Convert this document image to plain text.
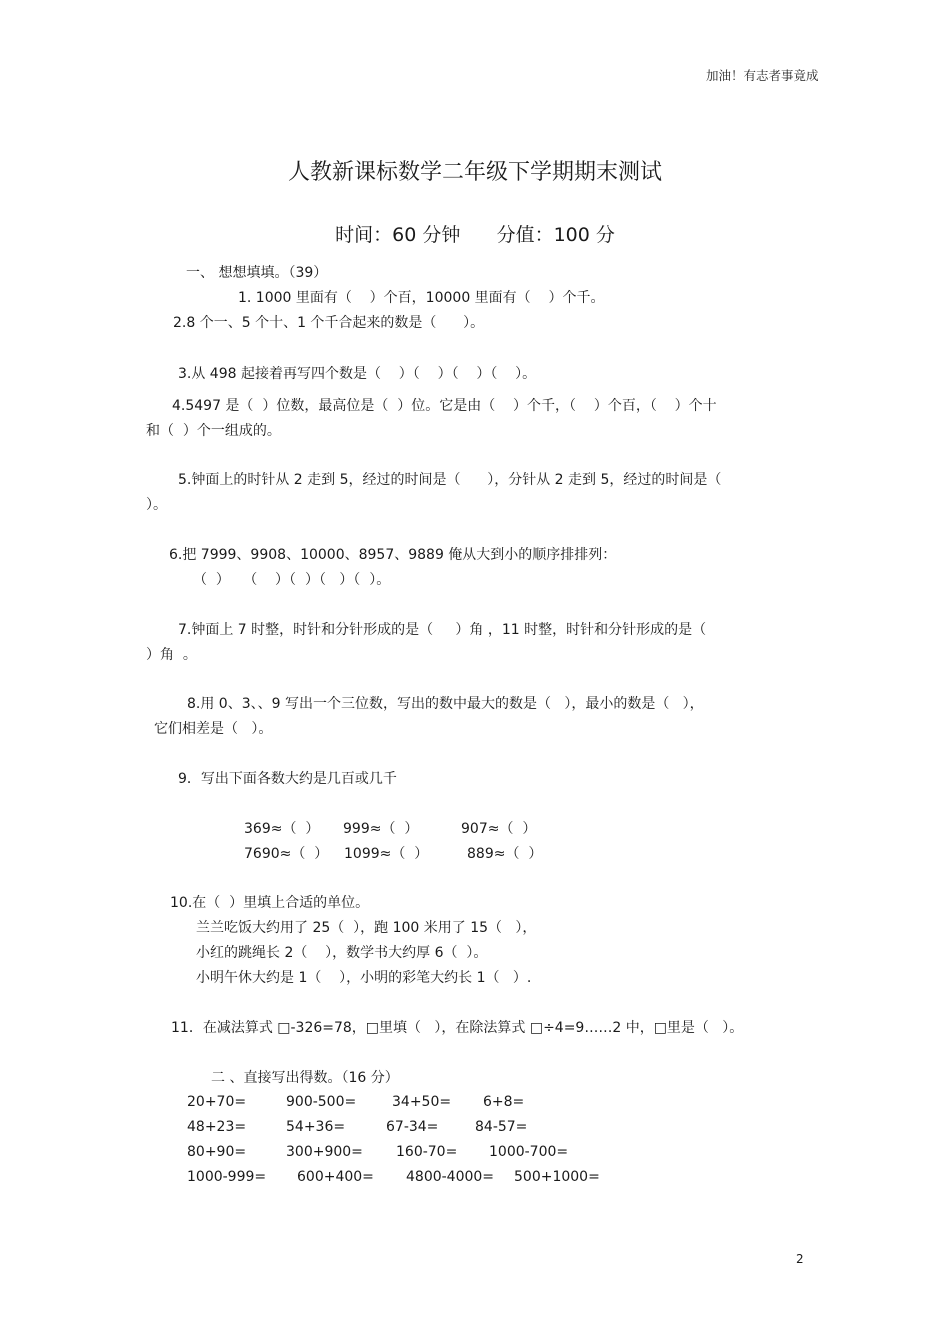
加油！有志者事竟成
人教新课标数学二年级下学期期末测试
时间：60 分钟      分值：100 分
一、 想想填填。（39）
1. 1000 里面有（    ）个百，10000 里面有（    ）个千。
2.8 个一、5 个十、1 个千合起来的数是（      ）。
3.从 498 起接着再写四个数是（    ）（    ）（    ）（    ）。
4.5497 是（  ）位数，最高位是（  ）位。它是由（    ）个千，（    ）个百，（    ）个十
和（  ）个一组成的。
5.钟面上的时针从 2 走到 5，经过的时间是（      ），分针从 2 走到 5，经过的时间是（
）。
6.把 7999、9908、10000、8957、9889 俺从大到小的顺序排排列：
（  ）   （    ）（  ）（   ）（  ）。
7.钟面上 7 时整，时针和分针形成的是（     ）角 ，11 时整，时针和分针形成的是（
）角  。
8.用 0、3、、9 写出一个三位数，写出的数中最大的数是（   ），最小的数是（   ），
它们相差是（   ）。
9．写出下面各数大约是几百或几千
369≈（  ） 999≈（  ）	907≈（  ）
7690≈（  ） 1099≈（  ）	889≈（  ）
10.在（  ）里填上合适的单位。
兰兰吃饭大约用了 25（  ），跑 100 米用了 15（   ），
小红的跳绳长 2（    ），数学书大约厚 6（  ）。
小明午休大约是 1（    ），小明的彩笔大约长 1（   ）.
11．在减法算式 □-326=78，□里填（   ），在除法算式 □÷4=9……2 中，□里是（   ）。
二 、直接写出得数。（16 分）
20+70=	900-500=	34+50= 6+8=
48+23=	54+36=	67-34=	84-57=
80+90=	300+900= 160-70= 1000-700=
1000-999= 600+400= 4800-4000= 500+1000=
2
